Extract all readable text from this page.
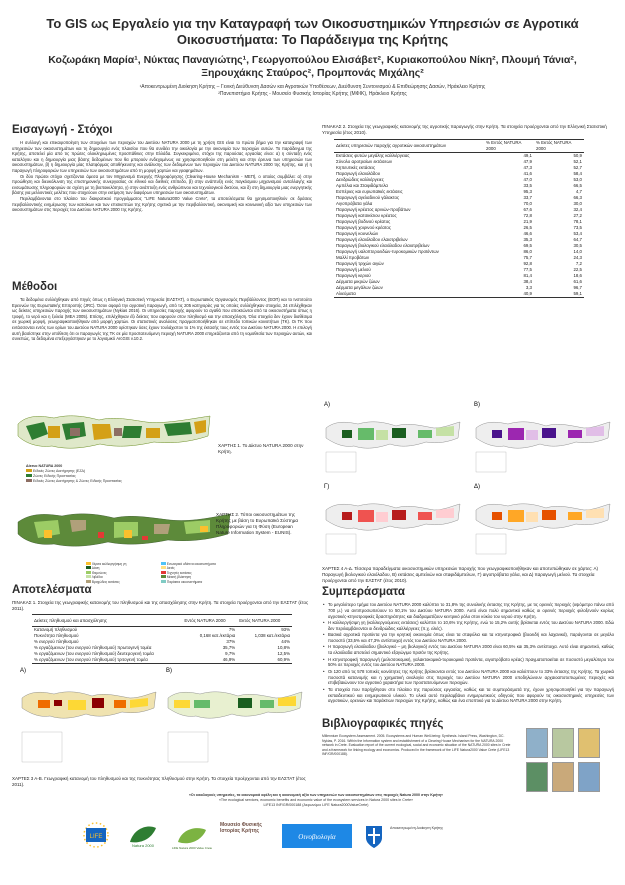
Το GIS ως Εργαλείο για την Καταγραφή των Οικοσυστημικών Υπηρεσιών σε Αγροτικά Οικοσυστήματα: Το Παράδειγμα της Κρήτης
Κοζωράκη Μαρία¹, Νύκτας Παναγιώτης¹, Γεωργοπούλου Ελισάβετ², Κυριακοπούλου Νίκη², Πλουμή Τάνια², Ξηρουχάκης Σταύρος², Προμπονάς Μιχάλης²
¹Αποκεντρωμένη Διοίκηση Κρήτης – Γενική Διεύθυνση Δασών και Αγροτικών Υποθέσεων, Διεύθυνση Συντονισμού & Επιθεώρησης Δασών, Ηράκλειο Κρήτης
²Πανεπιστήμιο Κρήτης - Μουσείο Φυσικής Ιστορίας Κρήτης (ΜΦΙΚ), Ηράκλειο Κρήτης
Εισαγωγή - Στόχοι

Η συλλογή και επικαιροποίηση των στοιχείων των περιοχών του Δικτύου NATURA 2000 με τη χρήση GIS είναι το πρώτο βήμα για την καταγραφή των υπηρεσιών των οικοσυστημάτων και τη δημιουργία ενός πλαισίου που θα συνδέει την οικολογία με την οικονομία των περιοχών αυτών. Το παράδειγμα της Κρήτης, αποτελεί μία από τις πρώτες ολοκληρωμένες προσπάθειες στην Ελλάδα. Συγκεκριμένα, στόχοι της παρούσας εργασίας είναι: α) η σύνταξη ενός καταλόγου και η δημιουργία μιας βάσης δεδομένων που θα μπορούν ενδεχομένως να χρησιμοποιηθούν στη μελέτη και στην έρευνα των υπηρεσιών των οικοσυστημάτων, β) η δημιουργία μίας πλατφόρμας αποθήκευσης και ανάλυσης των δεδομένων των περιοχών του Δικτύου NATURA 2000 της Κρήτης, και γ) η παραγωγή πληροφοριών των υπηρεσιών των οικοσυστημάτων από τη μορφή χαρτών και γραφημάτων.

Οι δύο πρώτοι στόχοι σχετίζονται άμεσα με τον Μηχανισμό Ενεργής Πληροφόρησης (Clearing-House Mechanism - MEΠ), ο οποίος συμβάλει: α) στην προώθηση και διευκόλυνση της επιστημονικής συνεργασίας σε εθνικό και διεθνές επίπεδο, β) στην ανάπτυξη ενός παγκόσμιου μηχανισμού ανταλλαγής και ενσωμάτωσης πληροφοριών σε σχέση με τη βιοποικιλότητα, γ) στην ανάπτυξη ενός ανθρώπινου και τεχνολογικού δικτύου, και δ) στη δημιουργία μιας ενεργητικής βάσης για μελλοντικές μελέτες που στοχεύουν στην εκτίμηση των διαφόρων υπηρεσιών των οικοσυστημάτων.

Περιλαμβάνονται στο πλαίσιο του διακρατικού προγράμματος "LIFE Natura2000 Value Crete", τα αποτελέσματα θα χρησιμοποιηθούν σε δράσεις περιβαλλοντικής ενημέρωσης των κατοίκων και των επισκεπτών της Κρήτης σχετικά με την περιβαλλοντική, οικονομική και κοινωνική αξία των υπηρεσιών των οικοσυστημάτων στις περιοχές του Δικτύου NATURA 2000 της Κρήτης.

Μέθοδοι

Τα δεδομένα συλλέχθηκαν από πηγές όπως η Ελληνική Στατιστική Υπηρεσία (ΕΛΣΤΑΤ), ο Ευρωπαϊκός Οργανισμός Περιβάλλοντος (ΕΟΠ) και το Ινστιτούτο Ερευνών της Ευρωπαϊκής Επιτροπής (JRC). Όσον αφορά την αγροτική παραγωγή, από τις 205 κατηγορίες για τις οποίες συλλέχθηκαν στοιχεία, 24 επιλέχθηκαν ως δείκτες υπηρεσιών παροχής των οικοσυστημάτων (Nykias 2016). Οι υπηρεσίες παροχής αφορούν τα αγαθά που αποκτώνται από τα οικοσυστήματα όπως η τροφή, το νερό και η ξυλεία (MEA 2005). Επίσης, επιλέχθηκαν έξι δείκτες που αφορούν στον πληθυσμό και την απασχόληση. Όλα στοιχεία δεν έχουν διαθέσιμα σε χωρική μορφή, γεωγραφικοποιήθηκαν από μορφή χαρτών. Οι στατιστικές αναλύσεις πραγματοποιήθηκαν σε επίπεδο τοπικών κοινοτήτων (ΤΚ). Οι ΤΚ που εντάσσονται εντός των ορίων του Δικτύου NATURA 2000 ορίστηκαν όσες έχουν τουλάχιστον το 1% της έκτασής τους εντός του Δικτύου NATURA 2000. Η επιλογή αυτή βασίστηκε στην υπόθεση ότι οι παραγωγές της ΤΚ σε μία προστατευόμενη περιοχή NATURA 2000 επηρεάζονται από τη νομοθεσία των περιοχών αυτών, και συνεπώς, τα δεδομένα επεξεργάστηκαν με το λογισμικό ArcGIS v.10.2.

ΧΑΡΤΗΣ 1. Το Δίκτυο NATURA 2000 στην Κρήτη.
Δίκτυο NATURA 2000
Ειδικές Ζώνες Διατήρησης (ΕΖΔ)
Ζώνες Ειδικής Προστασίας
Ειδικές Ζώνες Διατήρησης & Ζώνες Ειδικής Προστασίας
ΧΑΡΤΗΣ 2. Τύποι οικοσυστημάτων της Κρήτης με βάση το Ευρωπαϊκό Σύστημα Πληροφοριών για τη Φύση (European Nature Information System - EUNIS).
Χέρσα καλλιεργήσιμη γη	Εσωτερικά υδάτινα οικοσυστήματα
Δάση	Ακτές
Θαμνώνες	Τεχνητές εκτάσεις
Λιβάδια	Μεικτή βλάστηση
Βραχώδεις εκτάσεις	Παράκτια οικοσυστήματα
Αποτελέσματα
ΠΙΝΑΚΑΣ 1. Στοιχεία της γεωγραφικής κατανομής του πληθυσμού και της απασχόλησης στην Κρήτη. Τα στοιχεία προέρχονται από την ΕΛΣΤΑΤ (έτος 2011).
Δείκτες πληθυσμού και απασχόλησης	Εντός NATURA 2000	Εκτός NATURA 2000
Κατανομή πληθυσμού	7%	93%
Πυκνότητα πληθυσμού	0,168 κατ./εκτάρια	1,038 κατ./εκτάρια
% ενεργού πληθυσμού	37%	44%
% εργαζόμενων (του ενεργού πληθυσμού) πρωτογενή τομέα	35,7%	10,8%
% εργαζόμενων (του ενεργού πληθυσμού) δευτερογενή τομέα	9,7%	12,5%
% εργαζόμενων (του ενεργού πληθυσμού) τριτογενή τομέα	46,9%	60,9%
Α)	Β)
ΧΑΡΤΕΣ 3 Α-Β. Γεωγραφική κατανομή του πληθυσμού και της πυκνότητας πληθυσμού στην Κρήτη. Τα στοιχεία προέρχονται από την ΕΛΣΤΑΤ (έτος 2011).
ΠΙΝΑΚΑΣ 2. Στοιχεία της γεωγραφικής κατανομής της αγροτικής παραγωγής στην Κρήτη. Τα στοιχεία προέρχονται από την Ελληνική Στατιστική Υπηρεσία (έτος 2010).
Δείκτες υπηρεσιών παροχής αγροτικών οικοσυστημάτων	% Εντός NATURA 2000	% Εκτός NATURA 2000
Εκτάσεις φυτών μεγάλης καλλιέργειας	49,1	50,9
Σύνολο αροτραίων εκτάσεων	47,9	52,1
Κηπευτικές εκτάσεις	47,3	52,7
Παραγωγή ελαιολάδου	41,6	58,4
Δενδρώδεις καλλιέργειες	47,0	53,0
Αμπέλια και Σταφιδάμπελα	33,5	66,5
Εσπέριες και ευρωπαϊκές εκτάσεις	95,3	4,7
Παραγωγή αγελαδινού γάλακτος	33,7	66,3
Αιγοπρόβατα γάλα	70,0	30,0
Παραγωγή κρέατος αρνιών-προβάτων	67,6	32,4
Παραγωγή κατσικίσιου κρέατος	72,8	27,2
Παραγωγή βοδινού κρέατος	21,9	78,1
Παραγωγή χοιρινού κρέατος	26,5	73,5
Παραγωγή κουνελιών	46,6	53,4
Παραγωγή ελαιόλαδου ελαιοτριβείων	35,3	64,7
Παραγωγή βιολογικού ελαιόλαδου ελαιοτριβείων	69,5	30,5
Παραγωγή υαλοπτεροειδών-τυροκομικών προϊόντων	86,0	14,0
Μαλλί προβάτων	75,7	24,3
Παραγωγή τριχών αιγών	92,8	7,2
Παραγωγή μελιού	77,5	22,5
Παραγωγή κεριού	81,4	18,6
Δέρματα μικρών ζώων	38,4	61,6
Δέρματα μεγάλων ζώων	3,3	96,7
Αλιεύματα	40,9	59,1
Α)	Β)
Γ)	Δ)
ΧΑΡΤΕΣ 4 Α-Δ. Τέσσερα παραδείγματα οικοσυστημικών υπηρεσιών παροχής που γεωγραφικοποιήθηκαν και αποτυπώθηκαν σε χάρτες: Α) Παραγωγή βιολογικού ελαιόλαδου, Β) εκτάσεις αμπελιών και σταφιδάμπελων, Γ) αιγοπρόβατα γάλα, και Δ) παραγωγή μελιού. Τα στοιχεία προέρχονται από την ΕΛΣΤΑΤ (έτος 2010).
Συμπεράσματα
• Το μεγαλύτερο τμήμα του Δικτύου NATURA 2000 καλύπτει το 31,8% της συνολικής έκτασης της Κρήτης, με τις ορεινές περιοχές (υψόμετρο πάνω από 700 μ.) να αντιπροσωπεύουν το 50,1% του Δικτύου NATURA 2000. Αυτό είναι πολύ σημαντικό καθώς οι ορεινές περιοχές φιλοξενούν κυρίως αγροτικές-κτηνοτροφικές δραστηριότητες και διαδραματίζουν κεντρικό ρόλο στον κύκλο του νερού στην Κρήτη.
• Η καλλιεργήσιμη γη (καλλιεργούμενες εκτάσεις) καλύπτει το 10,6% της Κρήτης, ενώ το 15,2% αυτής βρίσκεται εντός του Δικτύου NATURA 2000. Εδώ δεν περιλαμβάνονται οι δενδρώδεις καλλιέργειες (π.χ. ελιές).
• Βασικά αγροτικά προϊόντα για την κρητική οικονομία όπως είναι τα σταφύλια και τα κτηνοτροφικά (βοοειδή και λαχανικά), παράγονται σε μεγάλο ποσοστό (33,5% και 47,3% αντίστοιχα) εντός του Δικτύου NATURA 2000.
• Η παραγωγή ελαιόλαδου (βιολογικό – μη βιολογικό) εντός του Δικτύου NATURA 2000 είναι 60,5% και 35,3% αντίστοιχα. Αυτό είναι σημαντικό, καθώς τα ελαιόλαδα αποτελεί σημαντικό εξαγώγιμο προϊόν της Κρήτης.
• Η κτηνοτροφική παραγωγή (μελισσοκομική, γαλακτοκομικά-τυροκομικά προϊόντα, αιγοπρόβατο κρέας) πραγματοποιείται σε ποσοστό μεγαλύτερο του 50% σε περιοχές εντός του Δικτύου NATURA 2000.
• Οι 120 από τις 578 τοπικές κοινότητες της Κρήτης βρίσκονται εντός του Δικτύου NATURA 2000 και καλύπτουν το 33% έκτασης της Κρήτης. Τα χωρικά ποσοστά κατανομής και η χρηματική αναλογία στις περιοχές του Δικτύου NATURA 2000 υποδηλώνουν αρχαιοαποτυπωμένες περιοχές και επιβεβαιώνουν τον αγροτικό χαρακτήρα των προστατευόμενων περιοχών.
• Τα στοιχεία που παρήχθησαν στο πλαίσιο της παρούσας εργασίας, καθώς και τα συμπεράσματά της, έχουν χρησιμοποιηθεί για την παραγωγή εκπαιδευτικού και ενημερωτικού υλικού. Το υλικό αυτό περιλαμβάνει ενημερωτικούς οδηγούς που αφορούν τις οικοσυστημικές υπηρεσίες των αγροτικών, ορεινών και παράκτιων περιοχών της Κρήτης, καθώς και ένα εποπτικό για το Δίκτυο NATURA 2000 στην Κρήτη.
Βιβλιογραφικές πηγές

Millennium Ecosystem Assessment. 2005. Ecosystems and Human Well-being: Synthesis. Island Press, Washington, DC.

Nykias, P. 2016. Within the Information system and establishment of a Clearing House Mechanism for the NATURA 2000 network in Crete. Evaluation report of the current ecological, social and economic situation of the NATURA 2000 sites in Crete and a framework for linking ecology and economics. Produced in the framework of the LIFE Natura2000 Value Crete (LIFE13 INF/GR/000188).

«Οι οικολογικές υπηρεσίες, τα οικονομικά οφέλη και η οικονομική αξία των υπηρεσιών των οικοσυστημάτων στις περιοχές Natura 2000 στην Κρήτη»
«The ecological services, economic benefits and economic value of the ecosystem services in Natura 2000 sites in Crete»
LIFE13 INF/GR/000188 (Ακρωνύμιο LIFE Natura2000ValueCrete)
LIFE
Natura 2000	LIFE Natura 2000 Value Crete
Μουσείο Φυσικής Ιστορίας Κρήτης
Οινοβιολογία
Αποκεντρωμένη Διοίκηση Κρήτης
